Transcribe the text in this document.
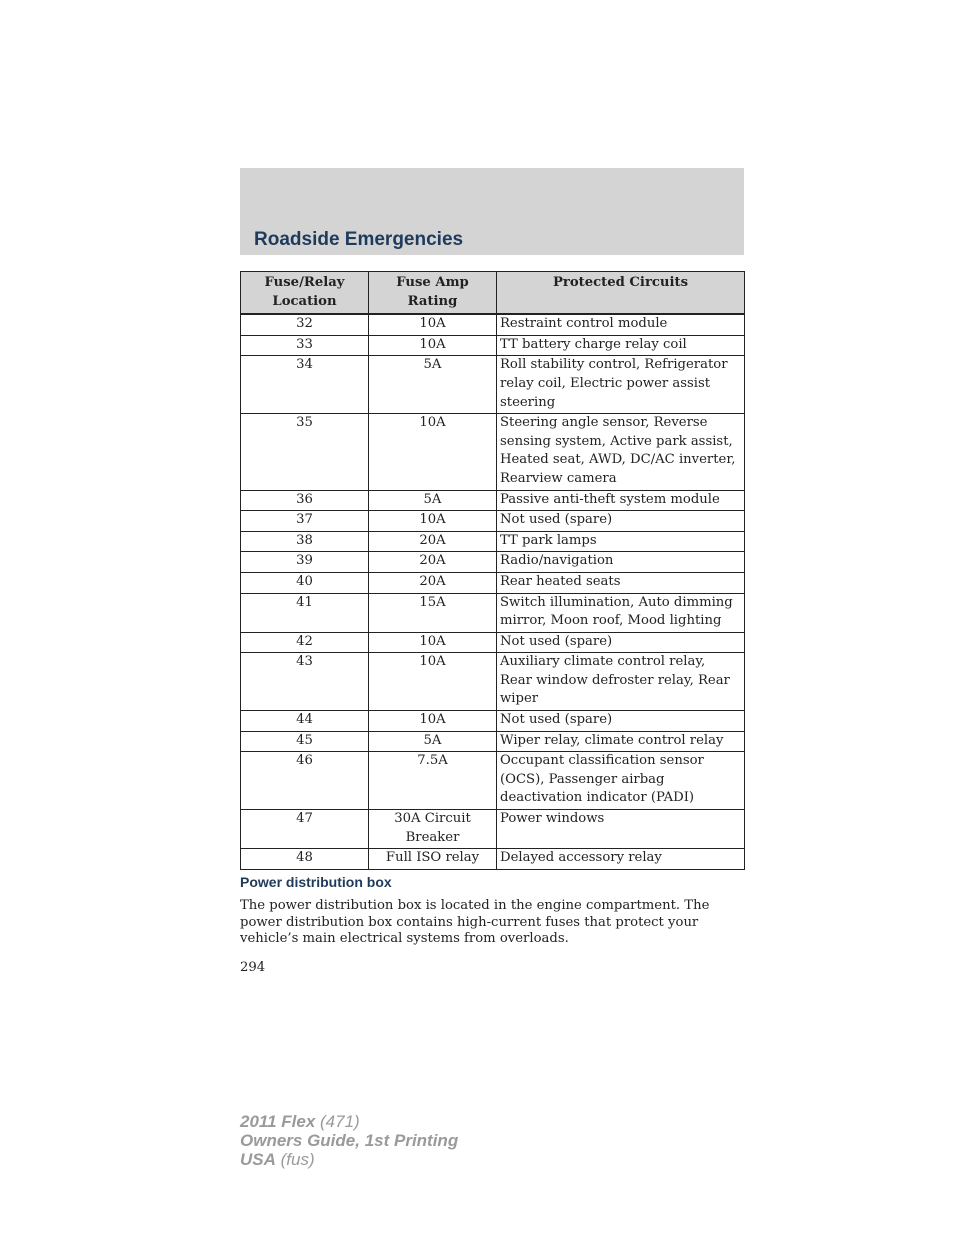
Roadside Emergencies
Fuse/Relay Location	Fuse Amp Rating	Protected Circuits
32	10A	Restraint control module
33	10A	TT battery charge relay coil
34	5A	Roll stability control, Refrigerator relay coil, Electric power assist steering
35	10A	Steering angle sensor, Reverse sensing system, Active park assist, Heated seat, AWD, DC/AC inverter, Rearview camera
36	5A	Passive anti-theft system module
37	10A	Not used (spare)
38	20A	TT park lamps
39	20A	Radio/navigation
40	20A	Rear heated seats
41	15A	Switch illumination, Auto dimming mirror, Moon roof, Mood lighting
42	10A	Not used (spare)
43	10A	Auxiliary climate control relay, Rear window defroster relay, Rear wiper
44	10A	Not used (spare)
45	5A	Wiper relay, climate control relay
46	7.5A	Occupant classification sensor (OCS), Passenger airbag deactivation indicator (PADI)
47	30A Circuit Breaker	Power windows
48	Full ISO relay	Delayed accessory relay
Power distribution box
The power distribution box is located in the engine compartment. The power distribution box contains high-current fuses that protect your vehicle’s main electrical systems from overloads.
294
2011 Flex (471)
Owners Guide, 1st Printing
USA (fus)
